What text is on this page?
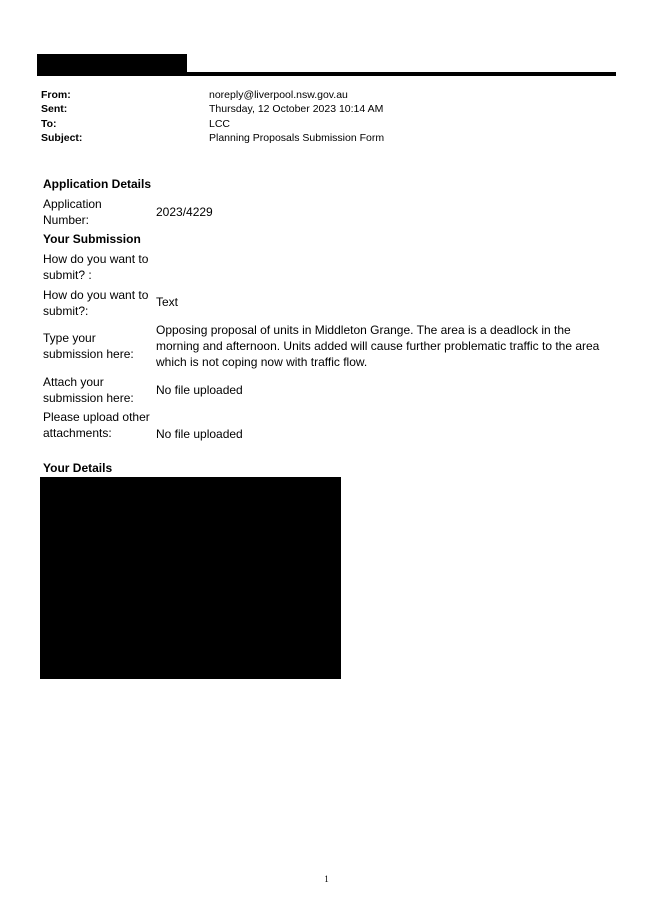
From:	noreply@liverpool.nsw.gov.au
Sent:	Thursday, 12 October 2023 10:14 AM
To:	LCC
Subject:	Planning Proposals Submission Form
Application Details
Application Number:
2023/4229
Your Submission
How do you want to submit? :
How do you want to submit?:
Text
Type your submission here:
Opposing proposal of units in Middleton Grange. The area is a deadlock in the morning and afternoon. Units added will cause further problematic traffic to the area which is not coping now with traffic flow.
Attach your submission here:
No file uploaded
Please upload other attachments:	No file uploaded
Your Details
1
